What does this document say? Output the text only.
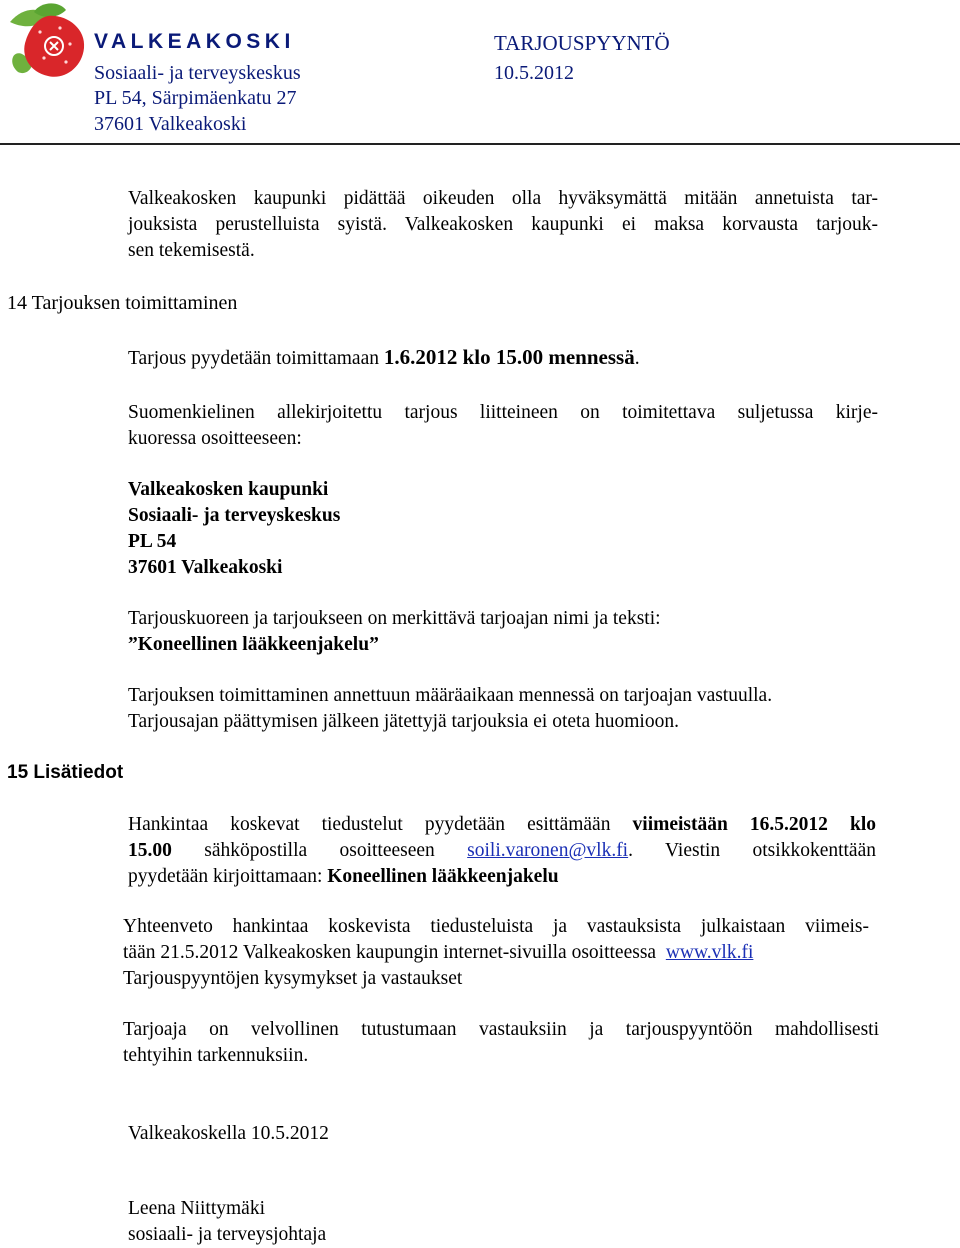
VALKEAKOSKI	TARJOUSPYYNTÖ
Sosiaali- ja terveyskeskus	10.5.2012
PL 54, Särpimäenkatu 27
37601 Valkeakoski
Valkeakosken kaupunki pidättää oikeuden olla hyväksymättä mitään annetuista tar-
jouksista perustelluista syistä. Valkeakosken kaupunki ei maksa korvausta tarjouk-
sen tekemisestä.
14 Tarjouksen toimittaminen
Tarjous pyydetään toimittamaan 1.6.2012 klo 15.00 mennessä.
Suomenkielinen allekirjoitettu tarjous liitteineen on toimitettava suljetussa kirje-
kuoressa osoitteeseen:
Valkeakosken kaupunki
Sosiaali- ja terveyskeskus
PL 54
37601 Valkeakoski
Tarjouskuoreen ja tarjoukseen on merkittävä tarjoajan nimi ja teksti:
”Koneellinen lääkkeenjakelu”
Tarjouksen toimittaminen annettuun määräaikaan mennessä on tarjoajan vastuulla.
Tarjousajan päättymisen jälkeen jätettyjä tarjouksia ei oteta huomioon.
15 Lisätiedot
Hankintaa koskevat tiedustelut pyydetään esittämään viimeistään 16.5.2012 klo
15.00 sähköpostilla osoitteeseen soili.varonen@vlk.fi. Viestin otsikkokenttään
pyydetään kirjoittamaan: Koneellinen lääkkeenjakelu
Yhteenveto hankintaa koskevista tiedusteluista ja vastauksista julkaistaan viimeis-
tään 21.5.2012 Valkeakosken kaupungin internet-sivuilla osoitteessa  www.vlk.fi
Tarjouspyyntöjen kysymykset ja vastaukset
Tarjoaja on velvollinen tutustumaan vastauksiin ja tarjouspyyntöön mahdollisesti
tehtyihin tarkennuksiin.
Valkeakoskella 10.5.2012
Leena Niittymäki
sosiaali- ja terveysjohtaja
